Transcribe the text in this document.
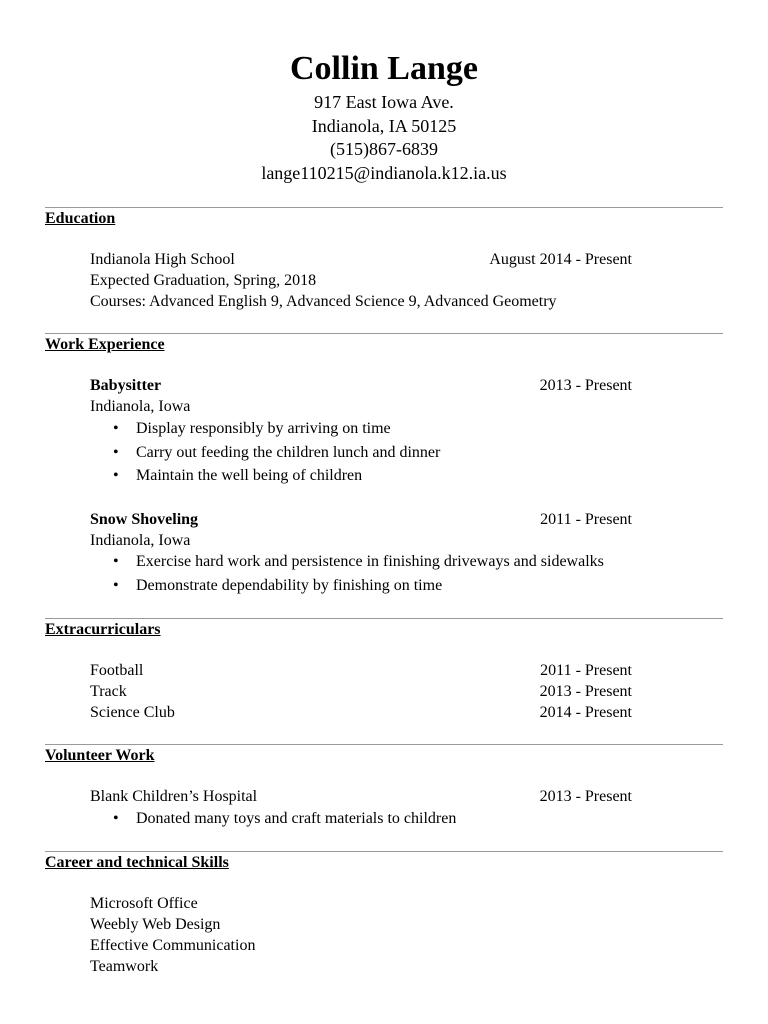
Collin Lange
917 East Iowa Ave.
Indianola, IA 50125
(515)867-6839
lange110215@indianola.k12.ia.us
Education
Indianola High School	August 2014 - Present
Expected Graduation, Spring, 2018
Courses: Advanced English 9, Advanced Science 9, Advanced Geometry
Work Experience
Babysitter	2013 - Present
Indianola, Iowa
• Display responsibly by arriving on time
• Carry out feeding the children lunch and dinner
• Maintain the well being of children
Snow Shoveling	2011 - Present
Indianola, Iowa
• Exercise hard work and persistence in finishing driveways and sidewalks
• Demonstrate dependability by finishing on time
Extracurriculars
Football	2011 - Present
Track	2013 - Present
Science Club	2014 - Present
Volunteer Work
Blank Children’s Hospital	2013 - Present
• Donated many toys and craft materials to children
Career and technical Skills
Microsoft Office
Weebly Web Design
Effective Communication
Teamwork
